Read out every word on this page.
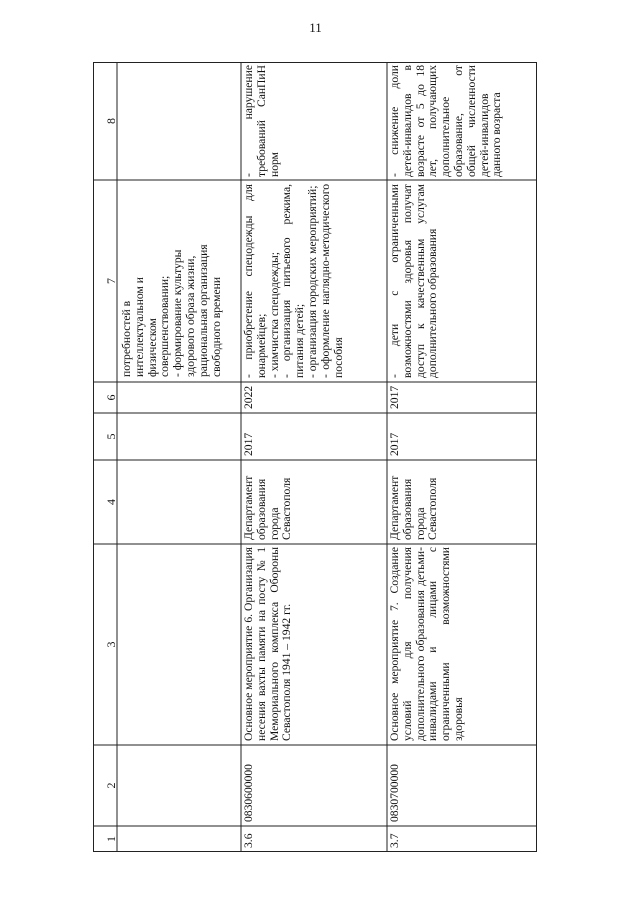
11
8
7
6
5
4
3
2
1
потребностей в интеллектуальном и физическом совершенствовании; - формирование культуры здорового образа жизни, рациональная организация свободного времени
3.6
0830600000
Основное мероприятие 6. Организация несения вахты памяти на посту № 1 Мемориального комплекса Обороны Севастополя 1941 – 1942 гг.
Департамент образования города Севастополя
2017
2022
- приобретение спецодежды для юнармейцев; - химчистка спецодежды; - организация питьевого режима, питания детей; - организация городских мероприятий; - оформление наглядно-методического пособия
- нарушение требований СанПиН норм
3.7
0830700000
Основное мероприятие 7. Создание условий для получения дополнительного образования детьми-инвалидами и лицами с ограниченными возможностями здоровья
Департамент образования города Севастополя
2017
2017
- дети с ограниченными возможностями здоровья получат доступ к качественным услугам дополнительного образования
- снижение доли детей-инвалидов в возрасте от 5 до 18 лет, получающих дополнительное образование, от общей численности детей-инвалидов данного возраста
